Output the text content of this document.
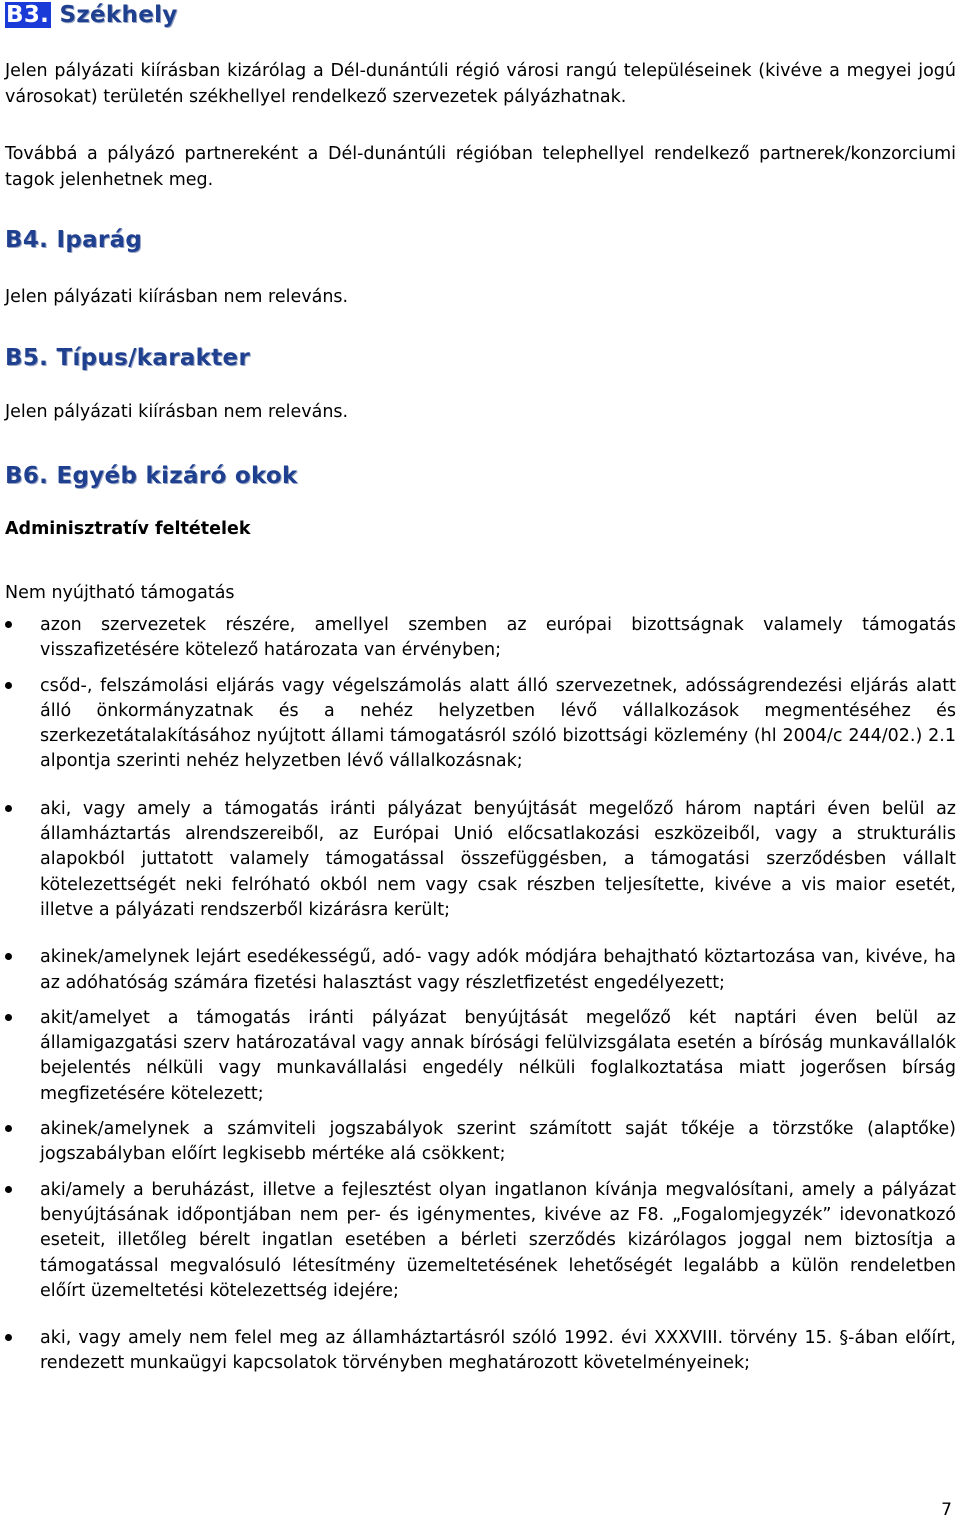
B3. Székhely

Jelen pályázati kiírásban kizárólag a Dél-dunántúli régió városi rangú településeinek (kivéve a megyei jogú városokat) területén székhellyel rendelkező szervezetek pályázhatnak.

Továbbá a pályázó partnereként a Dél-dunántúli régióban telephellyel rendelkező partnerek/konzorciumi tagok jelenhetnek meg.

B4. Iparág

Jelen pályázati kiírásban nem releváns.

B5. Típus/karakter

Jelen pályázati kiírásban nem releváns.

B6. Egyéb kizáró okok

Adminisztratív feltételek

Nem nyújtható támogatás

azon szervezetek részére, amellyel szemben az európai bizottságnak valamely támogatás visszafizetésére kötelező határozata van érvényben;
csőd-, felszámolási eljárás vagy végelszámolás alatt álló szervezetnek, adósságrendezési eljárás alatt álló önkormányzatnak és a nehéz helyzetben lévő vállalkozások megmentéséhez és szerkezetátalakításához nyújtott állami támogatásról szóló bizottsági közlemény (hl 2004/c 244/02.) 2.1 alpontja szerinti nehéz helyzetben lévő vállalkozásnak;
aki, vagy amely a támogatás iránti pályázat benyújtását megelőző három naptári éven belül az államháztartás alrendszereiből, az Európai Unió előcsatlakozási eszközeiből, vagy a strukturális alapokból juttatott valamely támogatással összefüggésben, a támogatási szerződésben vállalt kötelezettségét neki felróható okból nem vagy csak részben teljesítette, kivéve a vis maior esetét, illetve a pályázati rendszerből kizárásra került;
akinek/amelynek lejárt esedékességű, adó- vagy adók módjára behajtható köztartozása van, kivéve, ha az adóhatóság számára fizetési halasztást vagy részletfizetést engedélyezett;
akit/amelyet a támogatás iránti pályázat benyújtását megelőző két naptári éven belül az államigazgatási szerv határozatával vagy annak bírósági felülvizsgálata esetén a bíróság munkavállalók bejelentés nélküli vagy munkavállalási engedély nélküli foglalkoztatása miatt jogerősen bírság megfizetésére kötelezett;
akinek/amelynek a számviteli jogszabályok szerint számított saját tőkéje a törzstőke (alaptőke) jogszabályban előírt legkisebb mértéke alá csökkent;
aki/amely a beruházást, illetve a fejlesztést olyan ingatlanon kívánja megvalósítani, amely a pályázat benyújtásának időpontjában nem per- és igénymentes, kivéve az F8. „Fogalomjegyzék” idevonatkozó eseteit, illetőleg bérelt ingatlan esetében a bérleti szerződés kizárólagos joggal nem biztosítja a támogatással megvalósuló létesítmény üzemeltetésének lehetőségét legalább a külön rendeletben előírt üzemeltetési kötelezettség idejére;
aki, vagy amely nem felel meg az államháztartásról szóló 1992. évi XXXVIII. törvény 15. §-ában előírt, rendezett munkaügyi kapcsolatok törvényben meghatározott követelményeinek;
7
